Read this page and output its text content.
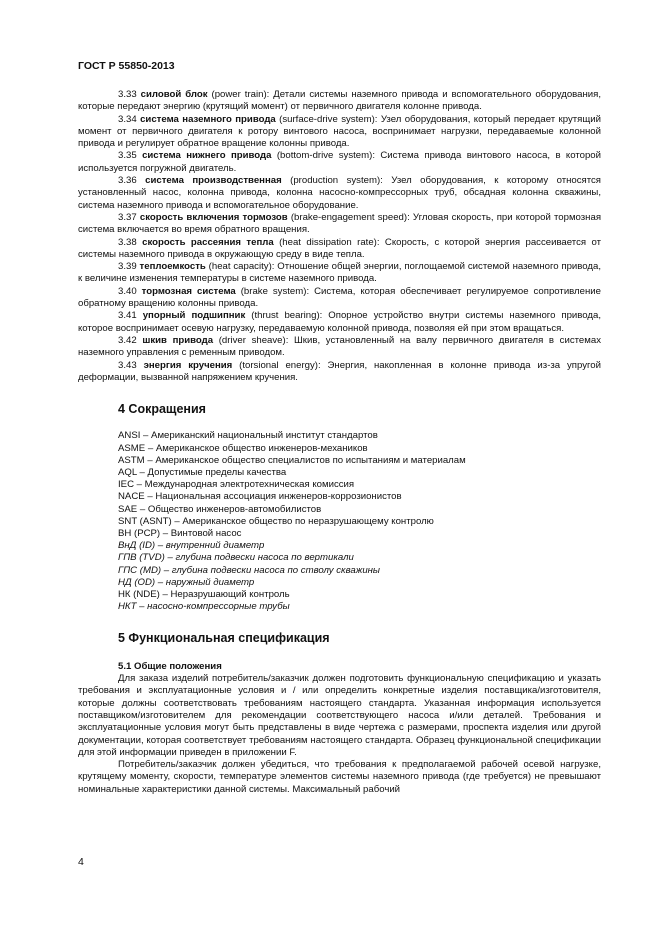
ГОСТ Р 55850-2013

3.33 силовой блок (power train): Детали системы наземного привода и вспомогательного оборудования, которые передают энергию (крутящий момент) от первичного двигателя колонне привода.

3.34 система наземного привода (surface-drive system): Узел оборудования, который передает крутящий момент от первичного двигателя к ротору винтового насоса, воспринимает нагрузки, передаваемые колонной привода и регулирует обратное вращение колонны привода.

3.35 система нижнего привода (bottom-drive system): Система привода винтового насоса, в которой используется погружной двигатель.

3.36 система производственная (production system): Узел оборудования, к которому относятся установленный насос, колонна привода, колонна насосно-компрессорных труб, обсадная колонна скважины, система наземного привода и вспомогательное оборудование.

3.37 скорость включения тормозов (brake-engagement speed): Угловая скорость, при которой тормозная система включается во время обратного вращения.

3.38 скорость рассеяния тепла (heat dissipation rate): Скорость, с которой энергия рассеивается от системы наземного привода в окружающую среду в виде тепла.

3.39 теплоемкость (heat capacity): Отношение общей энергии, поглощаемой системой наземного привода, к величине изменения температуры в системе наземного привода.

3.40 тормозная система (brake system): Система, которая обеспечивает регулируемое сопротивление обратному вращению колонны привода.

3.41 упорный подшипник (thrust bearing): Опорное устройство внутри системы наземного привода, которое воспринимает осевую нагрузку, передаваемую колонной привода, позволяя ей при этом вращаться.

3.42 шкив привода (driver sheave): Шкив, установленный на валу первичного двигателя в системах наземного управления с ременным приводом.

3.43 энергия кручения (torsional energy): Энергия, накопленная в колонне привода из-за упругой деформации, вызванной напряжением кручения.

4 Сокращения
ANSI – Американский национальный институт стандартов
ASME – Американское общество инженеров-механиков
ASTM – Американское общество специалистов по испытаниям и материалам
AQL – Допустимые пределы качества
IEC – Международная электротехническая комиссия
NACE – Национальная ассоциация инженеров-коррозионистов
SAE – Общество инженеров-автомобилистов
SNT (ASNT) – Американское общество по неразрушающему контролю
ВН (PCP) – Винтовой насос
ВнД (ID) – внутренний диаметр
ГПВ (TVD) – глубина подвески насоса по вертикали
ГПС (MD) – глубина подвески насоса по стволу скважины
НД (OD) – наружный диаметр
НК (NDE) – Неразрушающий контроль
НКТ – насосно-компрессорные трубы
5 Функциональная спецификация
5.1 Общие положения

Для заказа изделий потребитель/заказчик должен подготовить функциональную спецификацию и указать требования и эксплуатационные условия и / или определить конкретные изделия поставщика/изготовителя, которые должны соответствовать требованиям настоящего стандарта. Указанная информация используется поставщиком/изготовителем для рекомендации соответствующего насоса и/или деталей. Требования и эксплуатационные условия могут быть представлены в виде чертежа с размерами, проспекта изделия или другой документации, которая соответствует требованиям настоящего стандарта. Образец функциональной спецификации для этой информации приведен в приложении F.

Потребитель/заказчик должен убедиться, что требования к предполагаемой рабочей осевой нагрузке, крутящему моменту, скорости, температуре элементов системы наземного привода (где требуется) не превышают номинальные характеристики данной системы. Максимальный рабочий

4
